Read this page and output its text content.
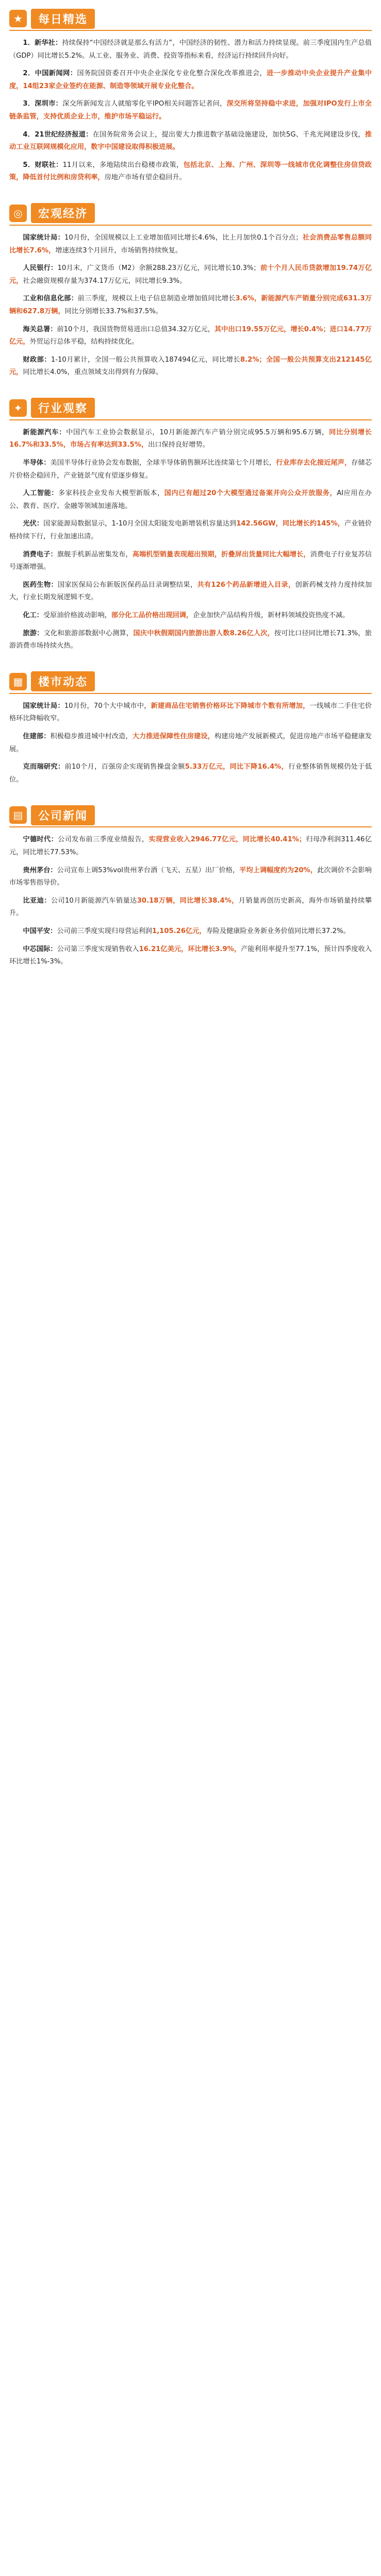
★	每日精选

1．新华社：持续保持“中国经济就是那么有活力”，中国经济的韧性、潜力和活力持续显现。前三季度国内生产总值（GDP）同比增长5.2%。从工业、服务业、消费、投资等指标来看，经济运行持续回升向好。

2．中国新闻网：国务院国资委召开中央企业深化专业化整合深化改革推进会，进一步推动中央企业提升产业集中度，14组23家企业签约在能源、制造等领域开展专业化整合。

3．深圳市：深交所新闻发言人就缩零化平IPO相关问题答记者问，深交所将坚持稳中求进，加强对IPO发行上市全链条监管，支持优质企业上市，维护市场平稳运行。

4．21世纪经济报道：在国务院常务会议上，提出要大力推进数字基础设施建设，加快5G、千兆光网建设步伐，推动工业互联网规模化应用，数字中国建设取得积极进展。

5．财联社：11月以来，多地陆续出台稳楼市政策，包括北京、上海、广州、深圳等一线城市优化调整住房信贷政策，降低首付比例和房贷利率，房地产市场有望企稳回升。

◎	宏观经济

国家统计局：10月份，全国规模以上工业增加值同比增长4.6%，比上月加快0.1个百分点；社会消费品零售总额同比增长7.6%，增速连续3个月回升，市场销售持续恢复。

人民银行：10月末，广义货币（M2）余额288.23万亿元，同比增长10.3%；前十个月人民币贷款增加19.74万亿元，社会融资规模存量为374.17万亿元，同比增长9.3%。

工业和信息化部：前三季度，规模以上电子信息制造业增加值同比增长3.6%，新能源汽车产销量分别完成631.3万辆和627.8万辆，同比分别增长33.7%和37.5%。

海关总署：前10个月，我国货物贸易进出口总值34.32万亿元，其中出口19.55万亿元，增长0.4%；进口14.77万亿元，外贸运行总体平稳，结构持续优化。

财政部：1-10月累计，全国一般公共预算收入187494亿元，同比增长8.2%；全国一般公共预算支出212145亿元，同比增长4.0%，重点领域支出得到有力保障。

✦	行业观察

新能源汽车：中国汽车工业协会数据显示，10月新能源汽车产销分别完成95.5万辆和95.6万辆，同比分别增长16.7%和33.5%，市场占有率达到33.5%，出口保持良好增势。

半导体：美国半导体行业协会发布数据，全球半导体销售额环比连续第七个月增长，行业库存去化接近尾声，存储芯片价格企稳回升，产业链景气度有望逐步修复。

人工智能：多家科技企业发布大模型新版本，国内已有超过20个大模型通过备案并向公众开放服务，AI应用在办公、教育、医疗、金融等领域加速落地。

光伏：国家能源局数据显示，1-10月全国太阳能发电新增装机容量达到142.56GW，同比增长约145%，产业链价格持续下行，行业加速出清。

消费电子：旗舰手机新品密集发布，高端机型销量表现超出预期，折叠屏出货量同比大幅增长，消费电子行业复苏信号逐渐增强。

医药生物：国家医保局公布新版医保药品目录调整结果，共有126个药品新增进入目录，创新药械支持力度持续加大，行业长期发展逻辑不变。

化工：受原油价格波动影响，部分化工品价格出现回调，企业加快产品结构升级，新材料领域投资热度不减。

旅游：文化和旅游部数据中心测算，国庆中秋假期国内旅游出游人数8.26亿人次，按可比口径同比增长71.3%，旅游消费市场持续火热。

▦	楼市动态

国家统计局：10月份，70个大中城市中，新建商品住宅销售价格环比下降城市个数有所增加，一线城市二手住宅价格环比降幅收窄。

住建部：积极稳步推进城中村改造，大力推进保障性住房建设，构建房地产发展新模式，促进房地产市场平稳健康发展。

克而瑞研究：前10个月，百强房企实现销售操盘金额5.33万亿元，同比下降16.4%，行业整体销售规模仍处于低位。

▤	公司新闻

宁德时代：公司发布前三季度业绩报告，实现营业收入2946.77亿元，同比增长40.41%；归母净利润311.46亿元，同比增长77.53%。

贵州茅台：公司宣布上调53%vol贵州茅台酒（飞天、五星）出厂价格，平均上调幅度约为20%，此次调价不会影响市场零售指导价。

比亚迪：公司10月新能源汽车销量达30.18万辆，同比增长38.4%，月销量再创历史新高，海外市场销量持续攀升。

中国平安：公司前三季度实现归母营运利润1,105.26亿元，寿险及健康险业务新业务价值同比增长37.2%。

中芯国际：公司第三季度实现销售收入16.21亿美元，环比增长3.9%，产能利用率提升至77.1%，预计四季度收入环比增长1%-3%。
